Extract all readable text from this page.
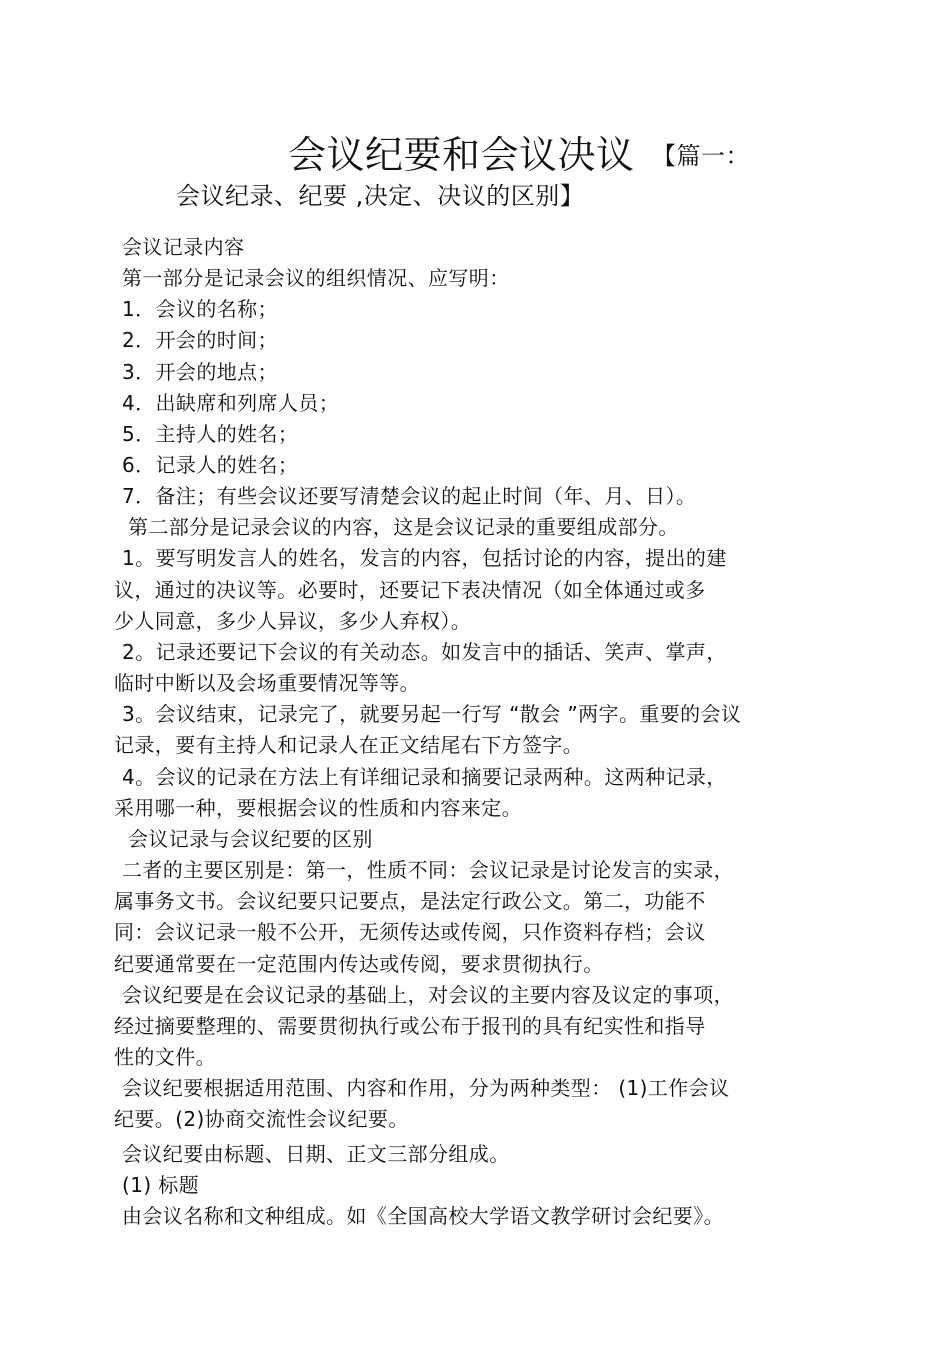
会议纪要和会议决议 【篇一：
会议纪录、纪要 ,决定、决议的区别】
会议记录内容
第一部分是记录会议的组织情况、应写明：
1．会议的名称；
2．开会的时间；
3．开会的地点；
4．出缺席和列席人员；
5．主持人的姓名；
6．记录人的姓名；
7．备注；有些会议还要写清楚会议的起止时间（年、月、日）。
第二部分是记录会议的内容，这是会议记录的重要组成部分。
1。要写明发言人的姓名，发言的内容，包括讨论的内容，提出的建
议，通过的决议等。必要时，还要记下表决情况（如全体通过或多
少人同意，多少人异议，多少人弃权）。
2。记录还要记下会议的有关动态。如发言中的插话、笑声、掌声，
临时中断以及会场重要情况等等。
3。会议结束，记录完了，就要另起一行写 “散会 ”两字。重要的会议
记录，要有主持人和记录人在正文结尾右下方签字。
4。会议的记录在方法上有详细记录和摘要记录两种。这两种记录，
采用哪一种，要根据会议的性质和内容来定。
会议记录与会议纪要的区别
二者的主要区别是：第一，性质不同：会议记录是讨论发言的实录，
属事务文书。会议纪要只记要点，是法定行政公文。第二，功能不
同：会议记录一般不公开，无须传达或传阅，只作资料存档；会议
纪要通常要在一定范围内传达或传阅，要求贯彻执行。
会议纪要是在会议记录的基础上，对会议的主要内容及议定的事项，
经过摘要整理的、需要贯彻执行或公布于报刊的具有纪实性和指导
性的文件。
会议纪要根据适用范围、内容和作用，分为两种类型： (1)工作会议
纪要。(2)协商交流性会议纪要。
会议纪要由标题、日期、正文三部分组成。
(1) 标题
由会议名称和文种组成。如《全国高校大学语文教学研讨会纪要》。
